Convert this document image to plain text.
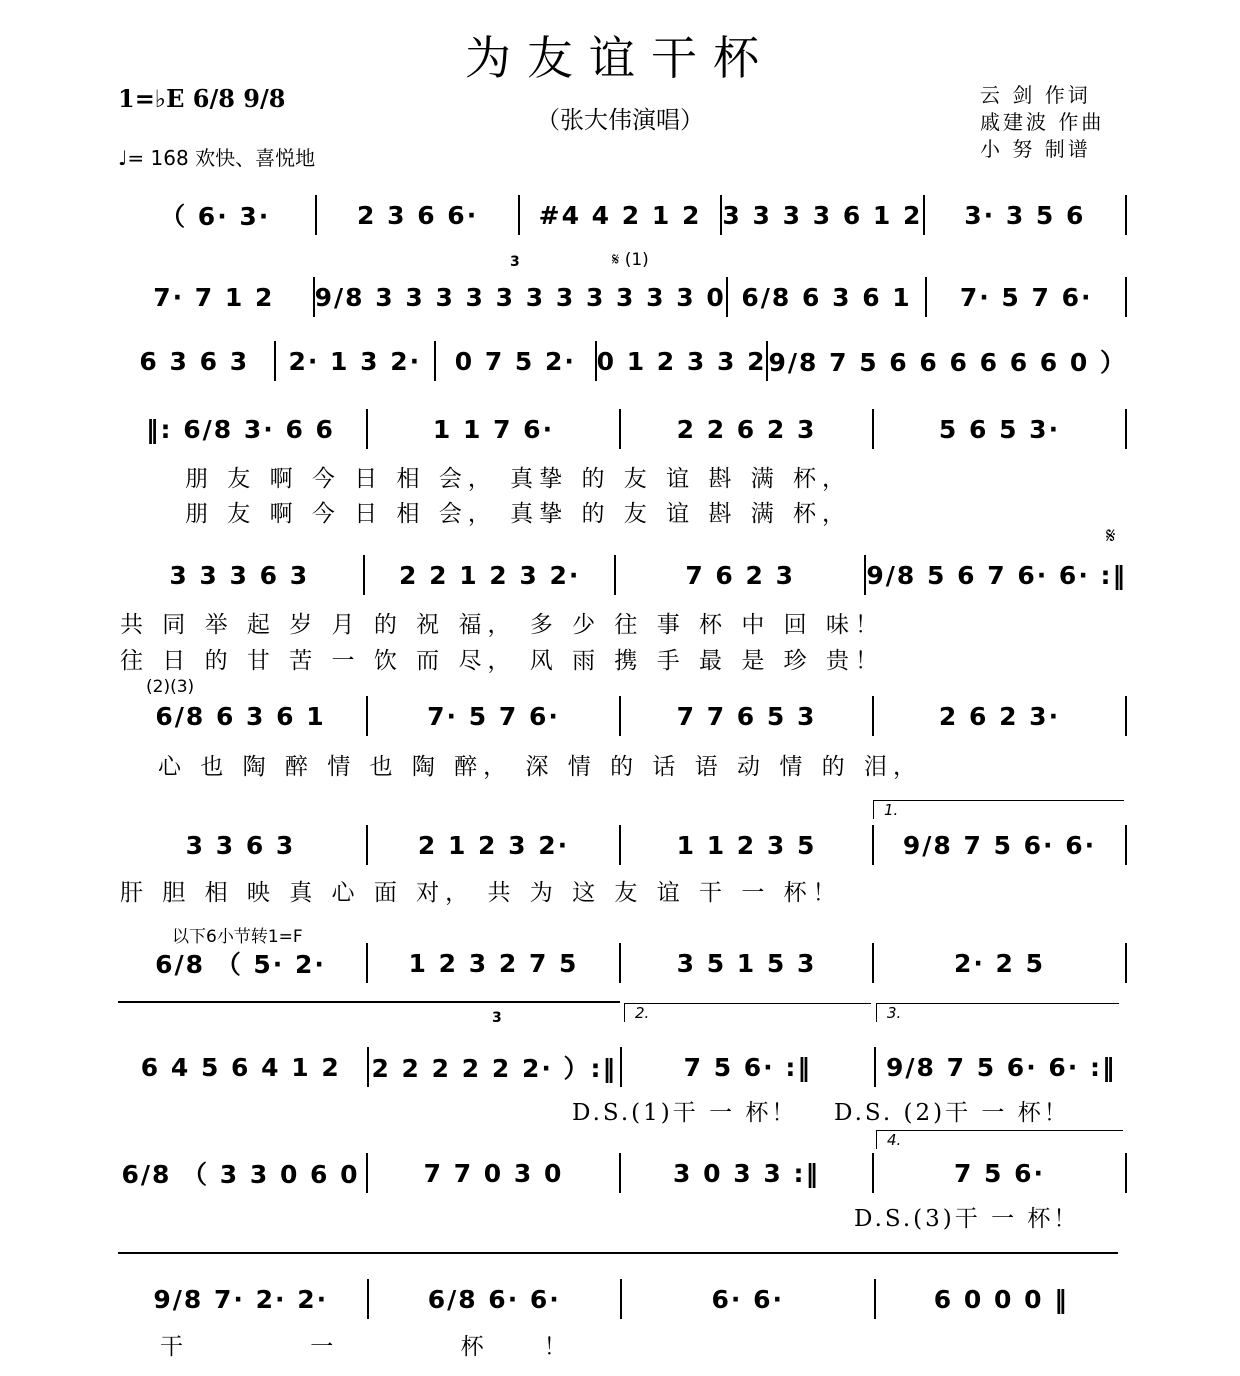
为友谊干杯
（张大伟演唱）
1=♭E 6/8 9/8
♩= 168 欢快、喜悦地
云 剑 作词
戚建波 作曲
小 努 制谱
（ 6· 3·	2 3 6 6·	#4 4 2 1 2 3 3 3 3 6 1 2	3· 3 5 6
𝄋 (1)
3
7· 7 1 2	9/8 3 3 3 3 3 3 3 3 3 3 3 0 6/8 6 3 6 1	7· 5 7 6·
6 3 6 3	2· 1 3 2·	0 7 5 2· 0 1 2 3 3 2 9/8 7 5 6 6 6 6 6 6 0 ）
‖: 6/8 3· 6 6	1 1 7 6·	2 2 6 2 3	5 6 5 3·
朋 友 啊 今 日 相 会， 真挚 的 友 谊 斟 满 杯，
朋 友 啊 今 日 相 会， 真挚 的 友 谊 斟 满 杯，
𝄋
3 3 3 6 3	2 2 1 2 3 2·	7 6 2 3	9/8 5 6 7 6· 6· :‖
共 同 举 起 岁 月 的 祝 福， 多 少 往 事 杯 中 回 味！
往 日 的 甘 苦 一 饮 而 尽， 风 雨 携 手 最 是 珍 贵！
(2)(3)
6/8 6 3 6 1	7· 5 7 6·	7 7 6 5 3	2 6 2 3·
心 也 陶 醉 情 也 陶 醉， 深 情 的 话 语 动 情 的 泪，
1.
3 3 6 3	2 1 2 3 2·	1 1 2 3 5	9/8 7 5 6· 6·
肝 胆 相 映 真 心 面 对， 共 为 这 友 谊 干 一 杯！
以下6小节转1=F
6/8 （ 5· 2·	1 2 3 2 7 5	3 5 1 5 3	2· 2 5
2.	3.
3
6 4 5 6 4 1 2	2 2 2 2 2 2· ）:‖	7 5 6· :‖	9/8 7 5 6· 6· :‖
D.S.(1)干 一 杯！ D.S. (2)干 一 杯！
4.
6/8 （ 3 3 0 6 0	7 7 0 3 0	3 0 3 3 :‖	7 5 6·
D.S.(3)干 一 杯！
9/8 7· 2· 2·	6/8 6· 6·	6· 6·	6 0 0 0 ‖
干 一 杯！
